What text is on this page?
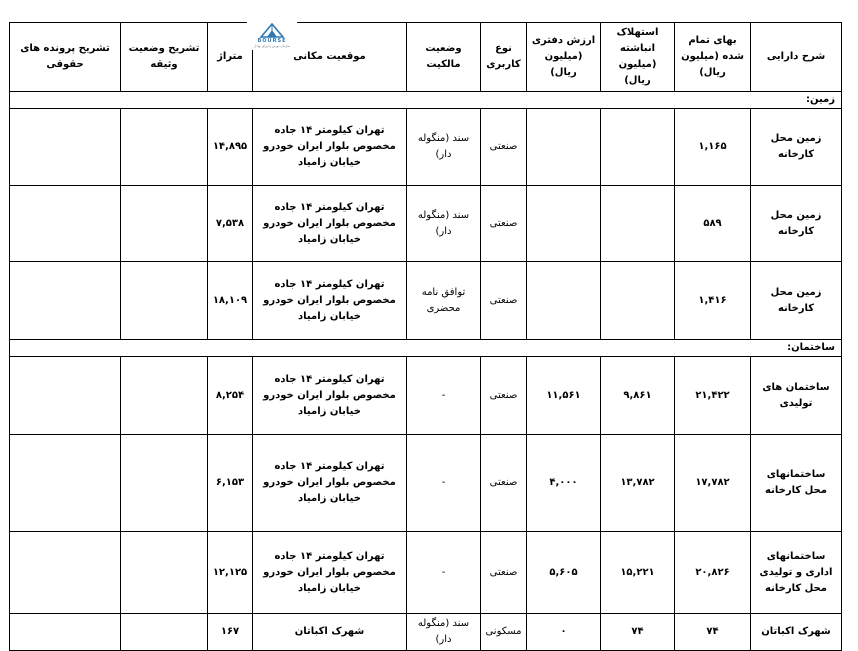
شرح دارایی	بهای تمام شده (میلیون ریال)	استهلاک انباشته (میلیون ریال)	ارزش دفتری (میلیون ریال)	نوع کاربری	وضعیت مالکیت	موقعیت مکانی	متراژ	تشریح وضعیت وثیقه	تشریح پرونده های حقوقی
زمین:									
زمین محل کارخانه	۱,۱۶۵			صنعتی	سند (منگوله دار)	تهران کیلومتر ۱۴ جاده مخصوص بلوار ایران خودرو خیابان زامیاد	۱۴,۸۹۵		
زمین محل کارخانه	۵۸۹			صنعتی	سند (منگوله دار)	تهران کیلومتر ۱۴ جاده مخصوص بلوار ایران خودرو خیابان زامیاد	۷,۵۳۸		
زمین محل کارخانه	۱,۴۱۶			صنعتی	توافق نامه محضری	تهران کیلومتر ۱۴ جاده مخصوص بلوار ایران خودرو خیابان زامیاد	۱۸,۱۰۹		
ساختمان:									
ساختمان های تولیدی	۲۱,۴۲۲	۹,۸۶۱	۱۱,۵۶۱	صنعتی	-	تهران کیلومتر ۱۴ جاده مخصوص بلوار ایران خودرو خیابان زامیاد	۸,۲۵۴		
ساختمانهای محل کارخانه	۱۷,۷۸۲	۱۳,۷۸۲	۴,۰۰۰	صنعتی	-	تهران کیلومتر ۱۴ جاده مخصوص بلوار ایران خودرو خیابان زامیاد	۶,۱۵۳		
ساختمانهای اداری و تولیدی محل کارخانه	۲۰,۸۲۶	۱۵,۲۲۱	۵,۶۰۵	صنعتی	-	تهران کیلومتر ۱۴ جاده مخصوص بلوار ایران خودرو خیابان زامیاد	۱۲,۱۲۵		
شهرک اکباتان	۷۴	۷۴	۰	مسکونی	سند (منگوله دار)	شهرک اکباتان	۱۶۷		
BOURSE
سازمان بورس و اوراق بهادار
